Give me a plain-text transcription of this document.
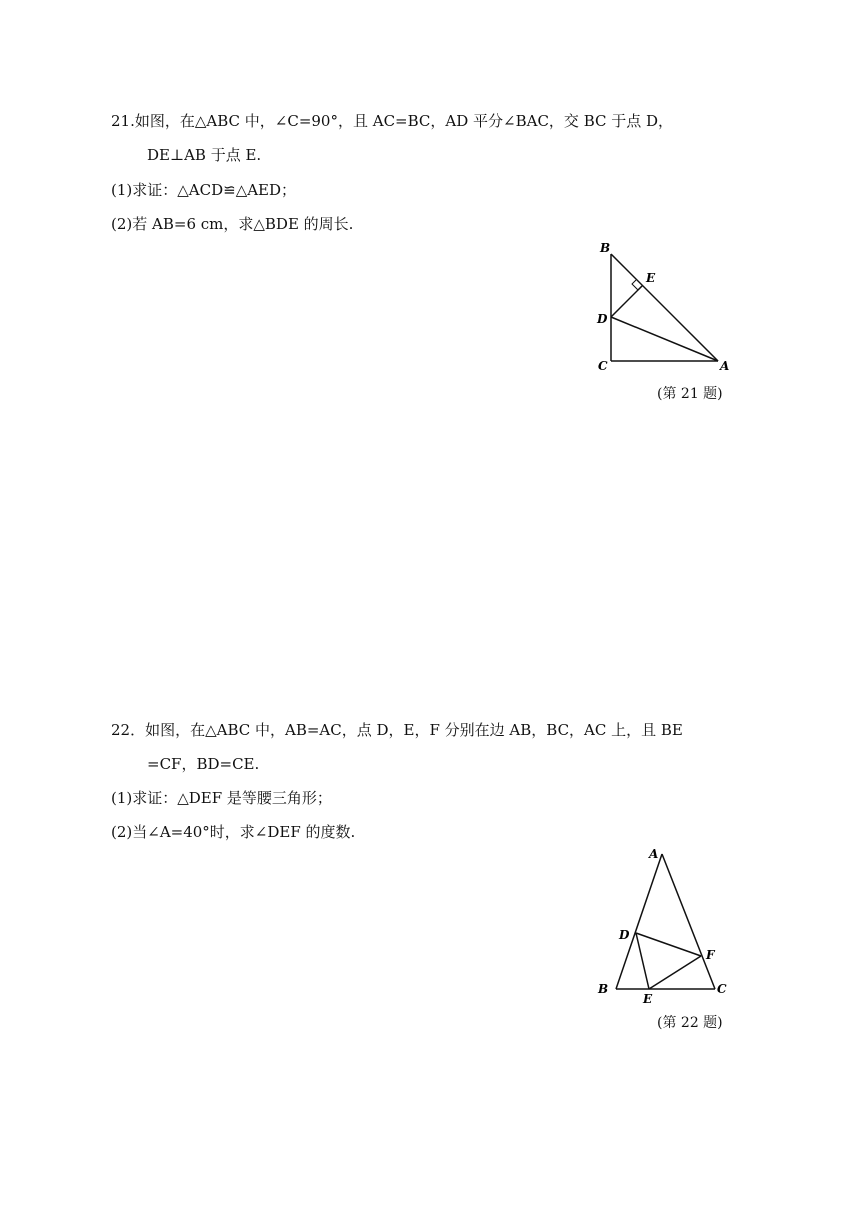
21.如图，在△ABC 中，∠C=90°，且 AC=BC，AD 平分∠BAC，交 BC 于点 D，
DE⊥AB 于点 E.
(1)求证：△ACD≌△AED；
(2)若 AB=6 cm，求△BDE 的周长.
B
E
D
C	A
(第 21 题)
22．如图，在△ABC 中，AB=AC，点 D，E，F 分别在边 AB，BC，AC 上，且 BE
=CF，BD=CE.
(1)求证：△DEF 是等腰三角形；
(2)当∠A=40°时，求∠DEF 的度数.
A
D
F
B
E
C
(第 22 题)
